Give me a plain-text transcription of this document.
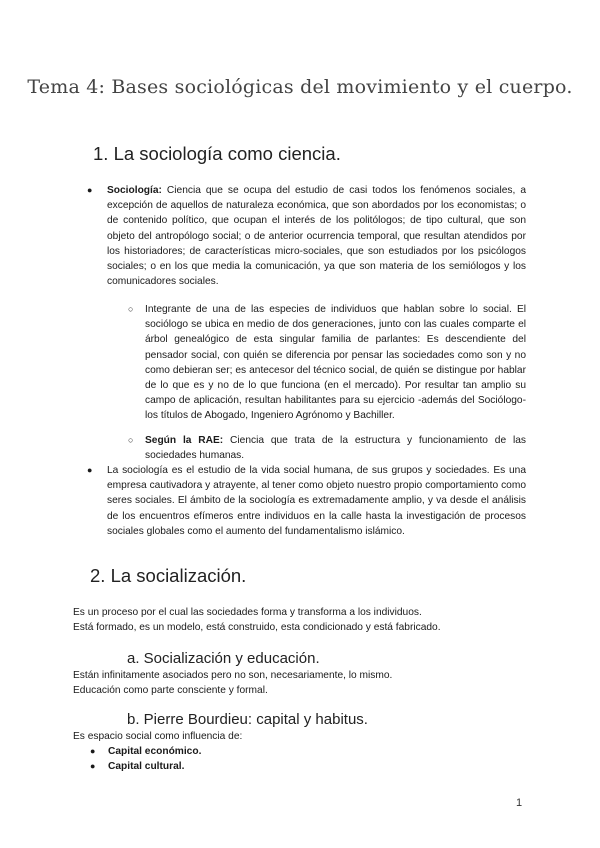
Tema 4: Bases sociológicas del movimiento y el cuerpo.
1. La sociología como ciencia.
● Sociología: Ciencia que se ocupa del estudio de casi todos los fenómenos sociales, a excepción de aquellos de naturaleza económica, que son abordados por los economistas; o de contenido político, que ocupan el interés de los politólogos; de tipo cultural, que son objeto del antropólogo social; o de anterior ocurrencia temporal, que resultan atendidos por los historiadores; de características micro-sociales, que son estudiados por los psicólogos sociales; o en los que media la comunicación, ya que son materia de los semiólogos y los comunicadores sociales.
○ Integrante de una de las especies de individuos que hablan sobre lo social. El sociólogo se ubica en medio de dos generaciones, junto con las cuales comparte el árbol genealógico de esta singular familia de parlantes: Es descendiente del pensador social, con quién se diferencia por pensar las sociedades como son y no como debieran ser; es antecesor del técnico social, de quién se distingue por hablar de lo que es y no de lo que funciona (en el mercado). Por resultar tan amplio su campo de aplicación, resultan habilitantes para su ejercicio -además del Sociólogo- los títulos de Abogado, Ingeniero Agrónomo y Bachiller.
○ Según la RAE: Ciencia que trata de la estructura y funcionamiento de las sociedades humanas.
● La sociología es el estudio de la vida social humana, de sus grupos y sociedades. Es una empresa cautivadora y atrayente, al tener como objeto nuestro propio comportamiento como seres sociales. El ámbito de la sociología es extremadamente amplio, y va desde el análisis de los encuentros efímeros entre individuos en la calle hasta la investigación de procesos sociales globales como el aumento del fundamentalismo islámico.
2. La socialización.
Es un proceso por el cual las sociedades forma y transforma a los individuos.
Está formado, es un modelo, está construido, esta condicionado y está fabricado.
a. Socialización y educación.
Están infinitamente asociados pero no son, necesariamente, lo mismo.
Educación como parte consciente y formal.
b. Pierre Bourdieu: capital y habitus.
Es espacio social como influencia de:
● Capital económico.
● Capital cultural.
1
